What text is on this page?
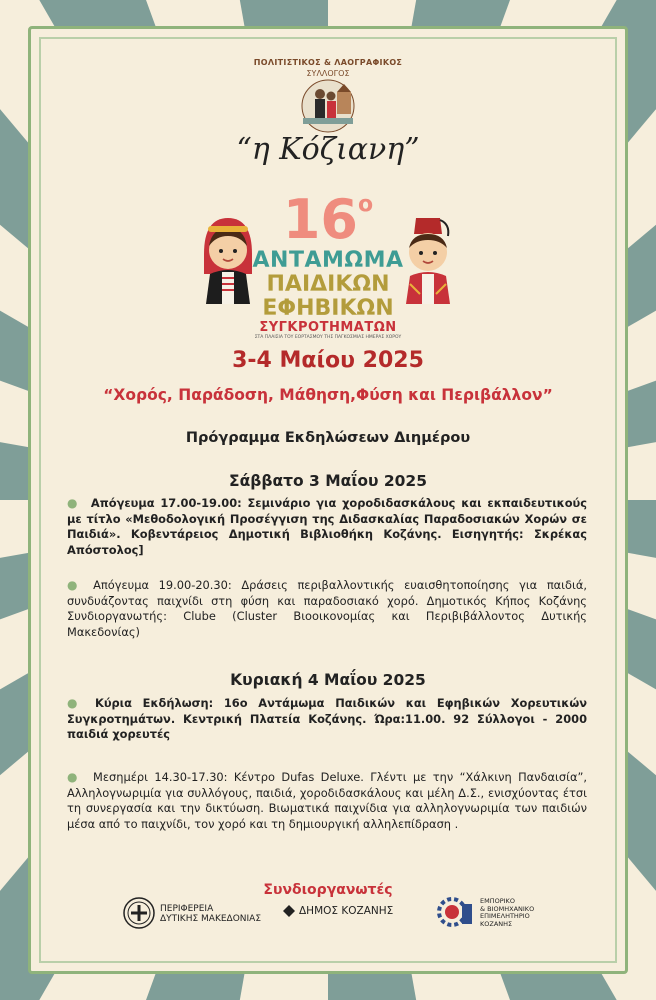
ΠΟΛΙΤΙΣΤΙΚΟΣ & ΛΑΟΓΡΑΦΙΚΟΣ
ΣΥΛΛΟΓΟΣ
“η Κόζιανη”
$16^o$
ΑΝΤΑΜΩΜΑ
ΠΑΙΔΙΚΩΝ
ΕΦΗΒΙΚΩΝ
ΣΥΓΚΡΟΤΗΜΑΤΩΝ
ΣΤΑ ΠΛΑΙΣΙΑ ΤΟΥ ΕΟΡΤΑΣΜΟΥ ΤΗΣ ΠΑΓΚΟΣΜΙΑΣ ΗΜΕΡΑΣ ΧΟΡΟΥ
3-4 Μαίου 2025
“Χορός, Παράδοση, Μάθηση,Φύση και Περιβάλλον”
Πρόγραμμα Εκδηλώσεων Διημέρου
Σάββατο 3 Μαΐου 2025
● Απόγευμα 17.00-19.00: Σεμινάριο για χοροδιδασκάλους και εκπαιδευτικούς με τίτλο «Μεθοδολογική Προσέγγιση της Διδασκαλίας Παραδοσιακών Χορών σε Παιδιά». Κοβεντάρειος Δημοτική Βιβλιοθήκη Κοζάνης. Εισηγητής: Σκρέκας Απόστολος]
● Απόγευμα 19.00-20.30: Δράσεις περιβαλλοντικής ευαισθητοποίησης για παιδιά, συνδυάζοντας παιχνίδι στη φύση και παραδοσιακό χορό. Δημοτικός Κήπος Κοζάνης Συνδιοργανωτής: Clube (Cluster Βιοοικονομίας και Περιβιβάλλοντος Δυτικής Μακεδονίας)
Κυριακή 4 Μαΐου 2025
● Κύρια Εκδήλωση: 16ο Αντάμωμα Παιδικών και Εφηβικών Χορευτικών Συγκροτημάτων. Κεντρική Πλατεία Κοζάνης. Ώρα:11.00. 92 Σύλλογοι - 2000 παιδιά χορευτές
● Μεσημέρι 14.30-17.30: Κέντρο Dufas Deluxe. Γλέντι με την “Χάλκινη Πανδαισία”, Αλληλογνωριμία για συλλόγους, παιδιά, χοροδιδασκάλους και μέλη Δ.Σ., ενισχύοντας έτσι τη συνεργασία και την δικτύωση. Βιωματικά παιχνίδια για αλληλογνωριμία των παιδιών μέσα από το παιχνίδι, τον χορό και τη δημιουργική αλληλεπίδραση .
Συνδιοργανωτές
ΠΕΡΙΦΕΡΕΙΑ
ΔΥΤΙΚΗΣ ΜΑΚΕΔΟΝΙΑΣ
ΔΗΜΟΣ ΚΟΖΑΝΗΣ
ΕΜΠΟΡΙΚΟ
& ΒΙΟΜΗΧΑΝΙΚΟ
ΕΠΙΜΕΛΗΤΗΡΙΟ
ΚΟΖΑΝΗΣ
